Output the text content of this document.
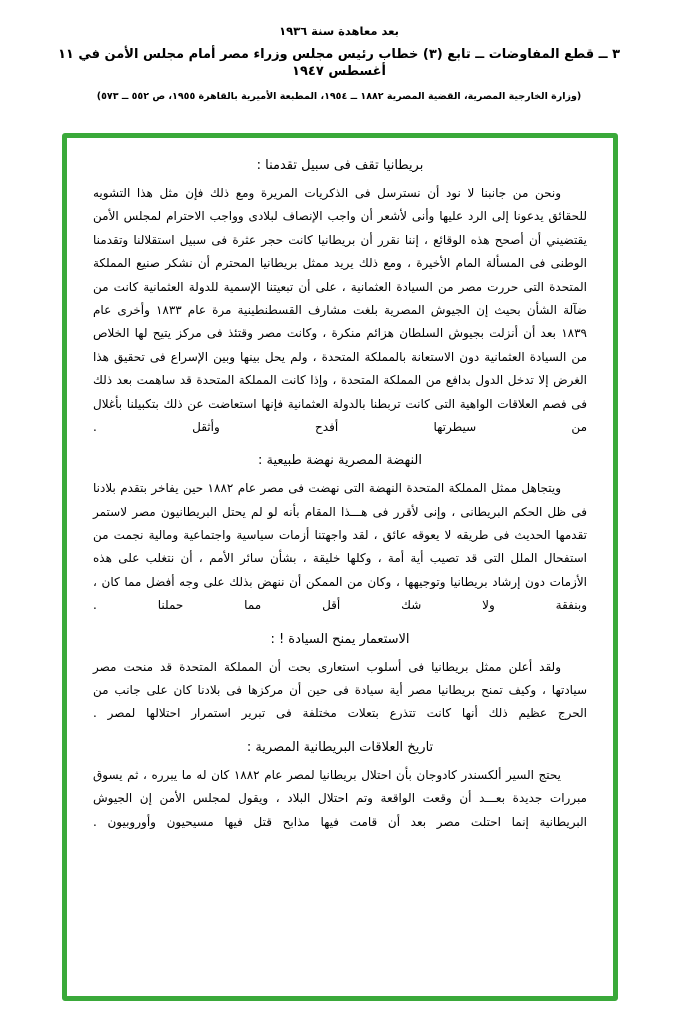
بعد معاهدة سنة ١٩٣٦
٣ ــ قطع المفاوضات ــ تابع (٣) خطاب رئيس مجلس وزراء مصر أمام مجلس الأمن في ١١ أغسطس ١٩٤٧
(وزارة الخارجية المصرية، القضية المصرية ١٨٨٢ ــ ١٩٥٤، المطبعة الأميرية بالقاهرة ١٩٥٥، ص ٥٥٢ ــ ٥٧٣)
بريطانيا تقف فى سبيل تقدمنا :

ونحن من جانبنا لا نود أن نسترسل فى الذكريات المريرة ومع ذلك فإن مثل هذا التشويه للحقائق يدعونا إلى الرد عليها وأنى لأشعر أن واجب الإنصاف لبلادى وواجب الاحترام لمجلس الأمن يقتضيني أن أصحح هذه الوقائع ، إننا نقرر أن بريطانيا كانت حجر عثرة فى سبيل استقلالنا وتقدمنا الوطنى فى المسألة المام الأخيرة ، ومع ذلك يريد ممثل بريطانيا المحترم أن نشكر صنيع المملكة المتحدة التى حررت مصر من السيادة العثمانية ، على أن تبعيتنا الإسمية للدولة العثمانية كانت من ضآلة الشأن بحيث إن الجيوش المصرية بلغت مشارف القسطنطينية مرة عام ١٨٣٣ وأخرى عام ١٨٣٩ بعد أن أنزلت بجيوش السلطان هزائم منكرة ، وكانت مصر وقتئذ فى مركز يتيح لها الخلاص من السيادة العثمانية دون الاستعانة بالمملكة المتحدة ، ولم يحل بينها وبين الإسراع فى تحقيق هذا الغرض إلا تدخل الدول بدافع من المملكة المتحدة ، وإذا كانت المملكة المتحدة قد ساهمت بعد ذلك فى فصم العلاقات الواهية التى كانت تربطنا بالدولة العثمانية فإنها استعاضت عن ذلك بتكبيلنا بأغلال من سيطرتها أفدح وأثقل .

النهضة المصرية نهضة طبيعية :

ويتجاهل ممثل المملكة المتحدة النهضة التى نهضت فى مصر عام ١٨٨٢ حين يفاخر بتقدم بلادنا فى ظل الحكم البريطانى ، وإنى لأقرر فى هـــذا المقام بأنه لو لم يحتل البريطانيون مصر لاستمر تقدمها الحديث فى طريقه لا يعوقه عائق ، لقد واجهتنا أزمات سياسية واجتماعية ومالية نجمت من استفحال الملل التى قد تصيب أية أمة ، وكلها خليقة ، بشأن سائر الأمم ، أن نتغلب على هذه الأزمات دون إرشاد بريطانيا وتوجيهها ، وكان من الممكن أن ننهض بذلك على وجه أفضل مما كان ، وبنفقة ولا شك أقل مما حملنا .

الاستعمار يمنح السيادة ! :

ولقد أعلن ممثل بريطانيا فى أسلوب استعارى بحت أن المملكة المتحدة قد منحت مصر سيادتها ، وكيف تمنح بريطانيا مصر أية سيادة فى حين أن مركزها فى بلادنا كان على جانب من الحرج عظيم ذلك أنها كانت تتذرع بتعلات مختلفة فى تبرير استمرار احتلالها لمصر .

تاريخ العلاقات البريطانية المصرية :

يحتج السير ألكسندر كادوجان بأن احتلال بريطانيا لمصر عام ١٨٨٢ كان له ما يبرره ، ثم يسوق مبررات جديدة بعـــد أن وقعت الواقعة وتم احتلال البلاد ، ويقول لمجلس الأمن إن الجيوش البريطانية إنما احتلت مصر بعد أن قامت فيها مذابح قتل فيها مسيحيون وأوروبيون .
